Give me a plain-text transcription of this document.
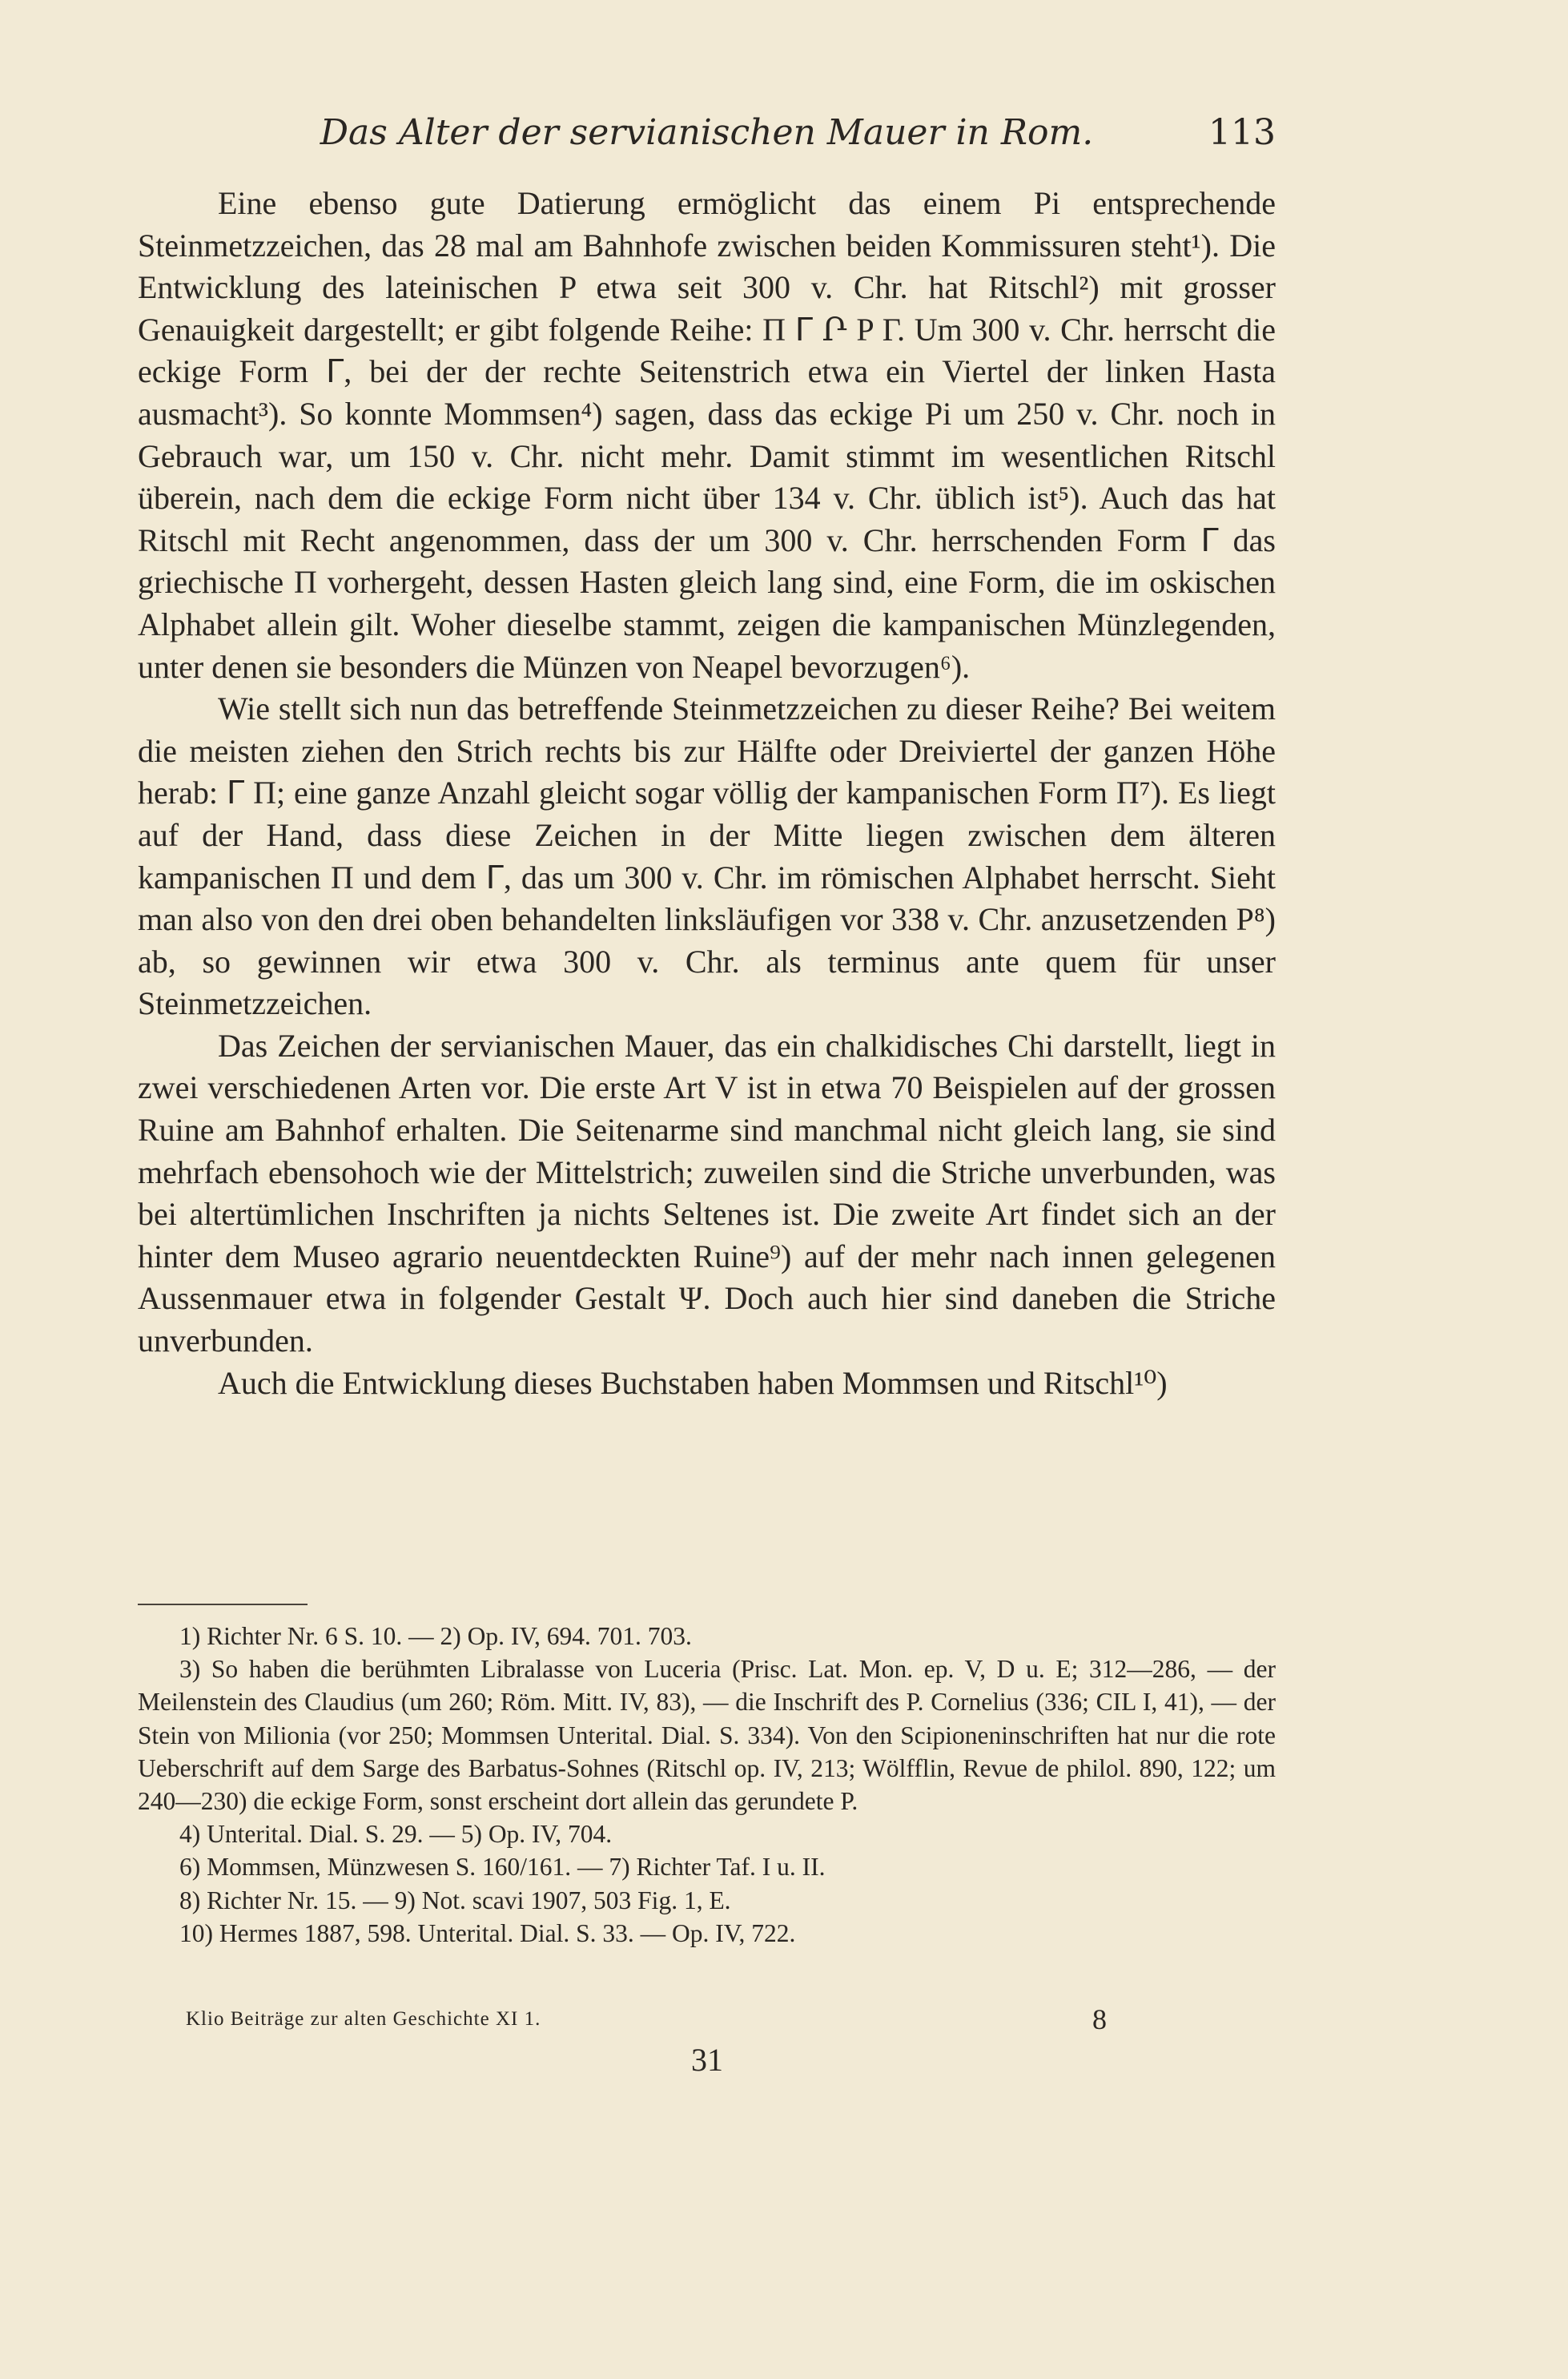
Das Alter der servianischen Mauer in Rom.	113

Eine ebenso gute Datierung ermöglicht das einem Pi entsprechende Steinmetzzeichen, das 28 mal am Bahnhofe zwischen beiden Kommissuren steht¹). Die Entwicklung des lateinischen P etwa seit 300 v. Chr. hat Ritschl²) mit grosser Genauigkeit dargestellt; er gibt folgende Reihe: Π ᒥ Ր P Γ. Um 300 v. Chr. herrscht die eckige Form ᒥ, bei der der rechte Seitenstrich etwa ein Viertel der linken Hasta ausmacht³). So konnte Mommsen⁴) sagen, dass das eckige Pi um 250 v. Chr. noch in Gebrauch war, um 150 v. Chr. nicht mehr. Damit stimmt im wesentlichen Ritschl überein, nach dem die eckige Form nicht über 134 v. Chr. üblich ist⁵). Auch das hat Ritschl mit Recht angenommen, dass der um 300 v. Chr. herrschenden Form ᒥ das griechische Π vorhergeht, dessen Hasten gleich lang sind, eine Form, die im oskischen Alphabet allein gilt. Woher dieselbe stammt, zeigen die kampanischen Münzlegenden, unter denen sie besonders die Münzen von Neapel bevorzugen⁶).

Wie stellt sich nun das betreffende Steinmetzzeichen zu dieser Reihe? Bei weitem die meisten ziehen den Strich rechts bis zur Hälfte oder Dreiviertel der ganzen Höhe herab: ᒥ Π; eine ganze Anzahl gleicht sogar völlig der kampanischen Form Π⁷). Es liegt auf der Hand, dass diese Zeichen in der Mitte liegen zwischen dem älteren kampanischen Π und dem ᒥ, das um 300 v. Chr. im römischen Alphabet herrscht. Sieht man also von den drei oben behandelten linksläufigen vor 338 v. Chr. anzusetzenden P⁸) ab, so gewinnen wir etwa 300 v. Chr. als terminus ante quem für unser Steinmetzzeichen.

Das Zeichen der servianischen Mauer, das ein chalkidisches Chi darstellt, liegt in zwei verschiedenen Arten vor. Die erste Art V ist in etwa 70 Beispielen auf der grossen Ruine am Bahnhof erhalten. Die Seitenarme sind manchmal nicht gleich lang, sie sind mehrfach ebensohoch wie der Mittelstrich; zuweilen sind die Striche unverbunden, was bei altertümlichen Inschriften ja nichts Seltenes ist. Die zweite Art findet sich an der hinter dem Museo agrario neuentdeckten Ruine⁹) auf der mehr nach innen gelegenen Aussenmauer etwa in folgender Gestalt Ψ. Doch auch hier sind daneben die Striche unverbunden.

Auch die Entwicklung dieses Buchstaben haben Mommsen und Ritschl¹⁰)

1) Richter Nr. 6 S. 10. — 2) Op. IV, 694. 701. 703.

3) So haben die berühmten Libralasse von Luceria (Prisc. Lat. Mon. ep. V, D u. E; 312—286, — der Meilenstein des Claudius (um 260; Röm. Mitt. IV, 83), — die Inschrift des P. Cornelius (336; CIL I, 41), — der Stein von Milionia (vor 250; Mommsen Unterital. Dial. S. 334). Von den Scipioneninschriften hat nur die rote Ueberschrift auf dem Sarge des Barbatus-Sohnes (Ritschl op. IV, 213; Wölfflin, Revue de philol. 890, 122; um 240—230) die eckige Form, sonst erscheint dort allein das gerundete P.

4) Unterital. Dial. S. 29. — 5) Op. IV, 704.

6) Mommsen, Münzwesen S. 160/161. — 7) Richter Taf. I u. II.

8) Richter Nr. 15. — 9) Not. scavi 1907, 503 Fig. 1, E.

10) Hermes 1887, 598. Unterital. Dial. S. 33. — Op. IV, 722.

Klio Beiträge zur alten Geschichte XI 1.	8
31
